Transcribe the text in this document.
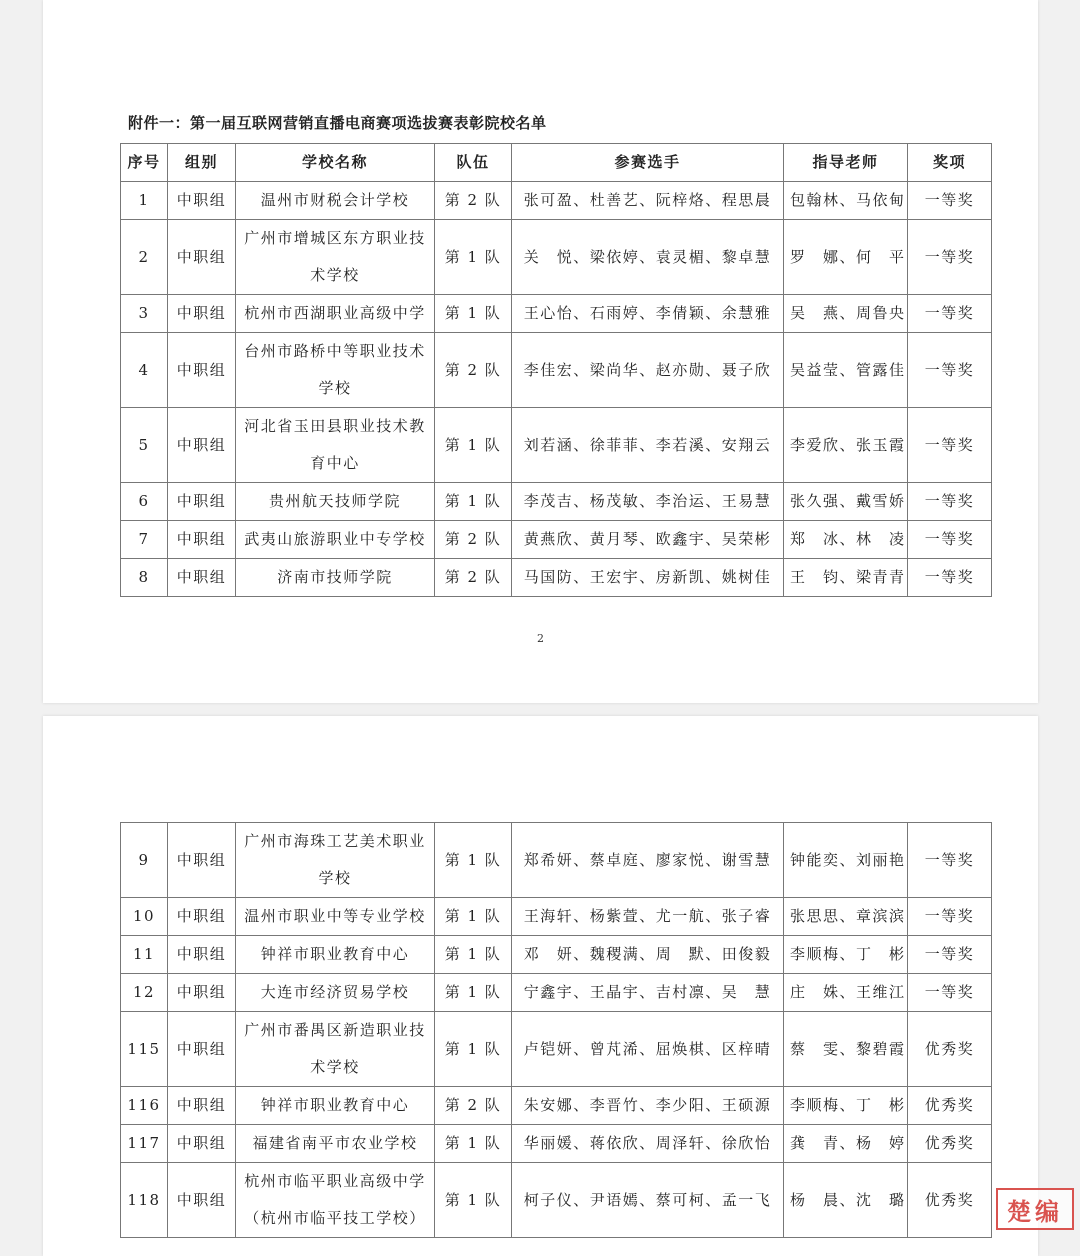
附件一：第一届互联网营销直播电商赛项选拔赛表彰院校名单
序号	组别	学校名称	队伍	参赛选手	指导老师	奖项
1	中职组	温州市财税会计学校	第 2 队	张可盈、杜善艺、阮梓烙、程思晨	包翰林、马依甸	一等奖
2	中职组	广州市增城区东方职业技术学校	第 1 队	关　悦、梁依婷、袁灵楣、黎卓慧	罗　娜、何　平	一等奖
3	中职组	杭州市西湖职业高级中学	第 1 队	王心怡、石雨婷、李倩颖、余慧雅	吴　燕、周鲁央	一等奖
4	中职组	台州市路桥中等职业技术学校	第 2 队	李佳宏、梁尚华、赵亦勋、聂子欣	吴益莹、管露佳	一等奖
5	中职组	河北省玉田县职业技术教育中心	第 1 队	刘若涵、徐菲菲、李若溪、安翔云	李爱欣、张玉霞	一等奖
6	中职组	贵州航天技师学院	第 1 队	李茂吉、杨茂敏、李治运、王易慧	张久强、戴雪娇	一等奖
7	中职组	武夷山旅游职业中专学校	第 2 队	黄燕欣、黄月琴、欧鑫宇、吴荣彬	郑　冰、林　凌	一等奖
8	中职组	济南市技师学院	第 2 队	马国防、王宏宇、房新凯、姚树佳	王　钧、梁青青	一等奖
2
9	中职组	广州市海珠工艺美术职业学校	第 1 队	郑希妍、蔡卓庭、廖家悦、谢雪慧	钟能奕、刘丽艳	一等奖
10	中职组	温州市职业中等专业学校	第 1 队	王海轩、杨紫萱、尤一航、张子睿	张思思、章滨滨	一等奖
11	中职组	钟祥市职业教育中心	第 1 队	邓　妍、魏稷满、周　默、田俊毅	李顺梅、丁　彬	一等奖
12	中职组	大连市经济贸易学校	第 1 队	宁鑫宇、王晶宇、吉村凛、吴　慧	庄　姝、王维江	一等奖
115	中职组	广州市番禺区新造职业技术学校	第 1 队	卢铠妍、曾芃浠、屈焕棋、区梓晴	蔡　雯、黎碧霞	优秀奖
116	中职组	钟祥市职业教育中心	第 2 队	朱安娜、李晋竹、李少阳、王硕源	李顺梅、丁　彬	优秀奖
117	中职组	福建省南平市农业学校	第 1 队	华丽媛、蒋依欣、周泽轩、徐欣怡	龚　青、杨　婷	优秀奖
118	中职组	杭州市临平职业高级中学（杭州市临平技工学校）	第 1 队	柯子仪、尹语嫣、蔡可柯、孟一飞	杨　晨、沈　璐	优秀奖	楚编
